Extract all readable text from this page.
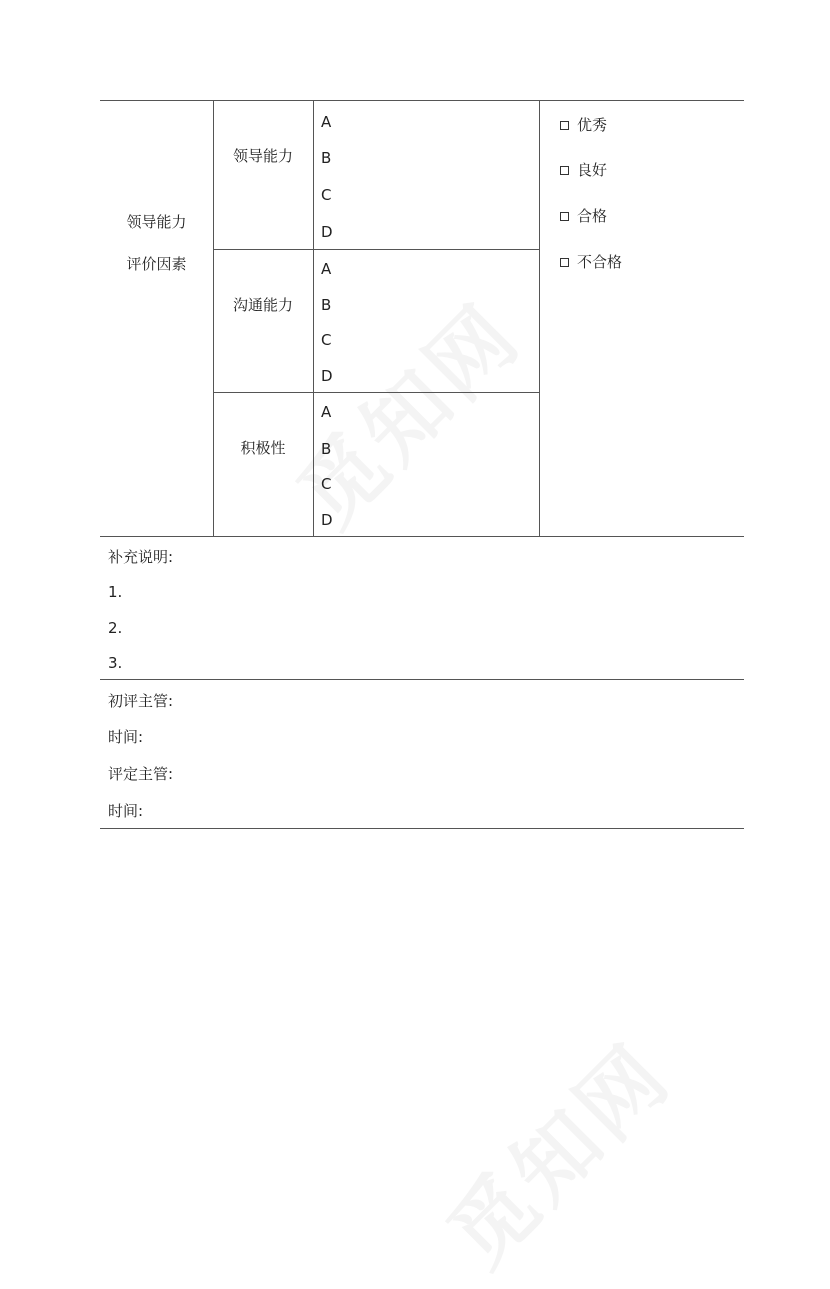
领导能力
评价因素
领导能力
沟通能力
积极性
A
B
C
D
A
B
C
D
A
B
C
D
优秀
良好
合格
不合格
补充说明:
1.
2.
3.
初评主管:
时间:
评定主管:
时间:
